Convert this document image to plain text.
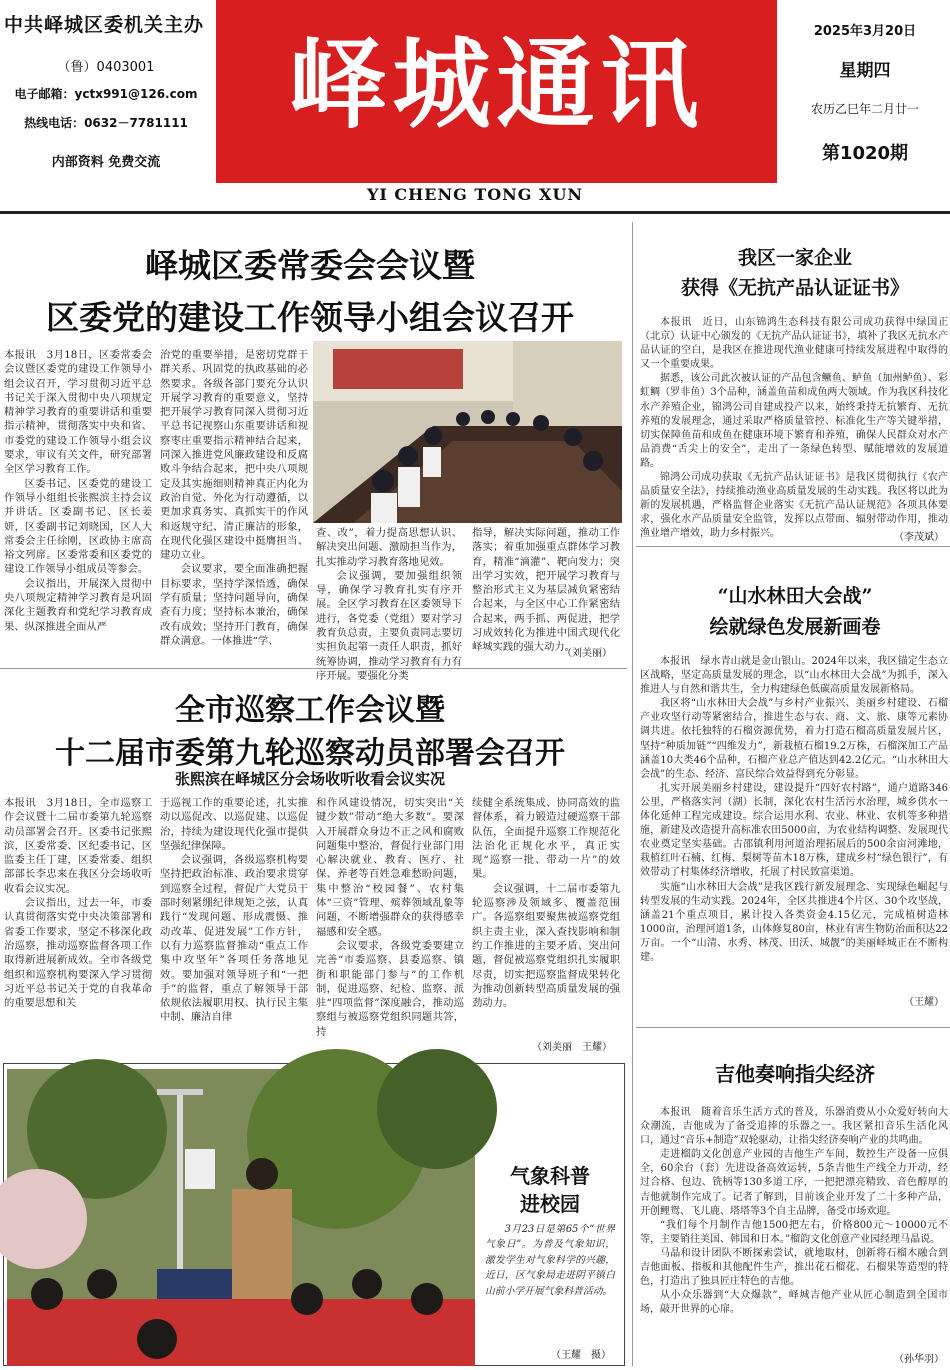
中共峄城区委机关主办
（鲁）0403001
电子邮箱：yctx991@126.com
热线电话：0632－7781111
内部资料 免费交流
峄城通讯	2025年3月20日
星期四
农历乙巳年二月廿一
第1020期
YI CHENG TONG XUN
峄城区委常委会会议暨
区委党的建设工作领导小组会议召开

本报讯　3月18日，区委常委会会议暨区委党的建设工作领导小组会议召开，学习贯彻习近平总书记关于深入贯彻中央八项规定精神学习教育的重要讲话和重要指示精神，贯彻落实中央和省、市委党的建设工作领导小组会议要求，审议有关文件，研究部署全区学习教育工作。

区委书记、区委党的建设工作领导小组组长张熙滨主持会议并讲话。区委副书记、区长姜妍，区委副书记刘晓国，区人大常委会主任徐刚，区政协主席高裕文列席。区委常委和区委党的建设工作领导小组成员等参会。

会议指出，开展深入贯彻中央八项规定精神学习教育是巩固深化主题教育和党纪学习教育成果、纵深推进全面从严

治党的重要举措，是密切党群干群关系、巩固党的执政基础的必然要求。各级各部门要充分认识开展学习教育的重要意义，坚持把开展学习教育同深入贯彻习近平总书记视察山东重要讲话和视察枣庄重要指示精神结合起来，同深入推进党风廉政建设和反腐败斗争结合起来，把中央八项规定及其实施细则精神真正内化为政治自觉、外化为行动遵循，以更加求真务实、真抓实干的作风和返规守纪、清正廉洁的形象，在现代化强区建设中挺膺担当、建功立业。

会议要求，要全面准确把握目标要求，坚持学深悟透，确保学有质量；坚持问题导向，确保查有力度；坚持标本兼治，确保改有成效；坚持开门教育，确保群众满意。一体推进“学、

查、改”，着力提高思想认识、解决突出问题、激励担当作为，扎实推动学习教育落地见效。

会议强调，要加强组织领导，确保学习教育扎实有序开展。全区学习教育在区委领导下进行，各党委（党组）要对学习教育负总责，主要负责同志要切实担负起第一责任人职责，抓好统筹协调，推动学习教育有力有序开展。要强化分类

指导，解决实际问题，推动工作落实；着重加强重点群体学习教育，精准“滴灌”、靶向发力；突出学习实效，把开展学习教育与整治形式主义为基层减负紧密结合起来，与全区中心工作紧密结合起来，两手抓、两促进，把学习成效转化为推进中国式现代化峄城实践的强大动力。

（刘美丽）
全市巡察工作会议暨
十二届市委第九轮巡察动员部署会召开
张熙滨在峄城区分会场收听收看会议实况

本报讯　3月18日，全市巡察工作会议暨十二届市委第九轮巡察动员部署会召开。区委书记张熙滨，区委常委、区纪委书记、区监委主任丁建，区委常委、组织部部长李忠来在我区分会场收听收看会议实况。

会议指出，过去一年，市委认真贯彻落实党中央决策部署和省委工作要求，坚定不移深化政治巡察，推动巡察监督各项工作取得新进展新成效。全市各级党组织和巡察机构要深入学习贯彻习近平总书记关于党的自我革命的重要思想和关

于巡视工作的重要论述，扎实推动以巡促改、以巡促建、以巡促治，持续为建设现代化强市提供坚强纪律保障。

会议强调，各级巡察机构要坚持把政治标准、政治要求贯穿到巡察全过程，督促广大党员干部时刻紧绷纪律规矩之弦，认真践行“发现问题、形成震慑、推动改革、促进发展”工作方针，以有力巡察监督推动“重点工作集中攻坚年”各项任务落地见效。要加强对领导班子和“一把手”的监督，重点了解领导干部依规依法履职用权、执行民主集中制、廉洁自律

和作风建设情况，切实突出“关键少数”带动“绝大多数”。要深入开展群众身边不正之风和腐败问题集中整治，督促行业部门用心解决就业、教育、医疗、社保、养老等百姓急难愁盼问题，集中整治“校园餐”、农村集体“三资”管理、殡葬领域乱象等问题，不断增强群众的获得感幸福感和安全感。

会议要求，各级党委要建立完善“市委巡察、县委巡察、镇街和职能部门参与”的工作机制，促进巡察、纪检、监察、派驻“四项监督”深度融合，推动巡察组与被巡察党组织同题共答，持

续健全系统集成、协同高效的监督体系，着力锻造过硬巡察干部队伍，全面提升巡察工作规范化法治化正规化水平，真正实现“巡察一批、带动一片”的效果。

会议强调，十二届市委第九轮巡察涉及领域多、覆盖范围广。各巡察组要聚焦被巡察党组织主责主业，深入查找影响和制约工作推进的主要矛盾、突出问题，督促被巡察党组织扎实履职尽责，切实把巡察监督成果转化为推动创新转型高质量发展的强劲动力。

（刘美丽　王耀）
气象科普
进校园

3月23日是第65个“世界气象日”。为普及气象知识，激发学生对气象科学的兴趣，近日，区气象局走进阴平镇白山前小学开展气象科普活动。

（王耀　摄）
我区一家企业
获得《无抗产品认证证书》

本报讯　近日，山东锦鸿生态科技有限公司成功获得中绿国正（北京）认证中心颁发的《无抗产品认证证书》，填补了我区无抗水产品认证的空白，是我区在推进现代渔业健康可持续发展进程中取得的又一个重要成果。

据悉，该公司此次被认证的产品包含鳜鱼、鲈鱼（加州鲈鱼）、彩虹鲷（罗非鱼）3个品种，涵盖鱼苗和成鱼两大领域。作为我区科技化水产养殖企业，锦鸿公司自建成投产以来，始终秉持无抗繁育、无抗养殖的发展理念，通过采取严格质量管控、标准化生产等关键举措，切实保障鱼苗和成鱼在健康环境下繁育和养殖，确保人民群众对水产品消费“舌尖上的安全”，走出了一条绿色转型、赋能增效的发展道路。

锦鸿公司成功获取《无抗产品认证证书》是我区贯彻执行《农产品质量安全法》，持续推动渔业高质量发展的生动实践。我区将以此为新的发展机遇，严格监督企业落实《无抗产品认证规范》各项具体要求，强化水产品质量安全监管，发挥以点带面、辐射带动作用，推动渔业增产增效，助力乡村振兴。	（李茂斌）
“山水林田大会战”
绘就绿色发展新画卷

本报讯　绿水青山就是金山银山。2024年以来，我区锚定生态立区战略，坚定高质量发展的理念，以“山水林田大会战”为抓手，深入推进人与自然和谐共生，全力构建绿色低碳高质量发展新格局。

我区将“山水林田大会战”与乡村产业振兴、美丽乡村建设、石榴产业攻坚行动等紧密结合，推进生态与农、商、文、旅、康等元素协调共进。依托独特的石榴资源优势，着力打造石榴高质量发展片区，坚持“种质加链”“四维发力”，新栽植石榴19.2万株，石榴深加工产品涵盖10大类46个品种，石榴产业总产值达到42.2亿元。“山水林田大会战”的生态、经济、富民综合效益得到充分彰显。

扎实开展美丽乡村建设，建设提升“四好农村路”，通户道路346公里，严格落实河（湖）长制，深化农村生活污水治理，城乡供水一体化延伸工程完成建设。综合运用水利、农业、林业、农机等多种措施，新建及改造提升高标准农田5000亩，为农业结构调整、发展现代农业奠定坚实基础。古邵镇利用河道治理拓展后的500余亩河滩地，栽植红叶石楠、红梅、梨树等苗木18万株，建成乡村“绿色银行”，有效带动了村集体经济增收，托展了村民致富渠道。

实施“山水林田大会战”是我区践行新发展理念、实现绿色崛起与转型发展的生动实践。2024年，全区共推进4个片区、30个攻坚战，涵盖21个重点项目，累计投入各类资金4.15亿元，完成植树造林1000亩，治理河道1条，山体修复80亩，林业有害生物防治面积达22万亩。一个“山清、水秀、林茂、田沃、城靓”的美丽峄城正在不断构建。

（王耀）
吉他奏响指尖经济

本报讯　随着音乐生活方式的普及，乐器消费从小众爱好转向大众潮流，吉他成为了备受追捧的乐器之一。我区紧扣音乐生活化风口，通过“音乐+制造”双轮驱动，让指尖经济奏响产业的共鸣曲。

走进榴韵文化创意产业园的吉他生产车间，数控生产设备一应俱全，60余台（套）先进设备高效运转，5条吉他生产线全力开动，经过合格、包边、铣柄等130多道工序，一把把漂亮精致、音色醇厚的吉他就制作完成了。记者了解到，目前该企业开发了二十多种产品，开创鲤鸳、飞儿鹿、塔塔等3个自主品牌，备受市场欢迎。

“我们每个月制作吉他1500把左右，价格800元～10000元不等，主要销往美国、韩国和日本。”榴韵文化创意产业园经理马晶说。

马晶和设计团队不断探索尝试，就地取材，创新将石榴木融合到吉他面板、指板和其他配件生产，推出花石榴花、石榴果等造型的特色，打造出了独具匠庄特色的吉他。

从小众乐器到“大众爆款”，峄城吉他产业从匠心制造到全国市场，敲开世界的心扉。

（孙华羽）
